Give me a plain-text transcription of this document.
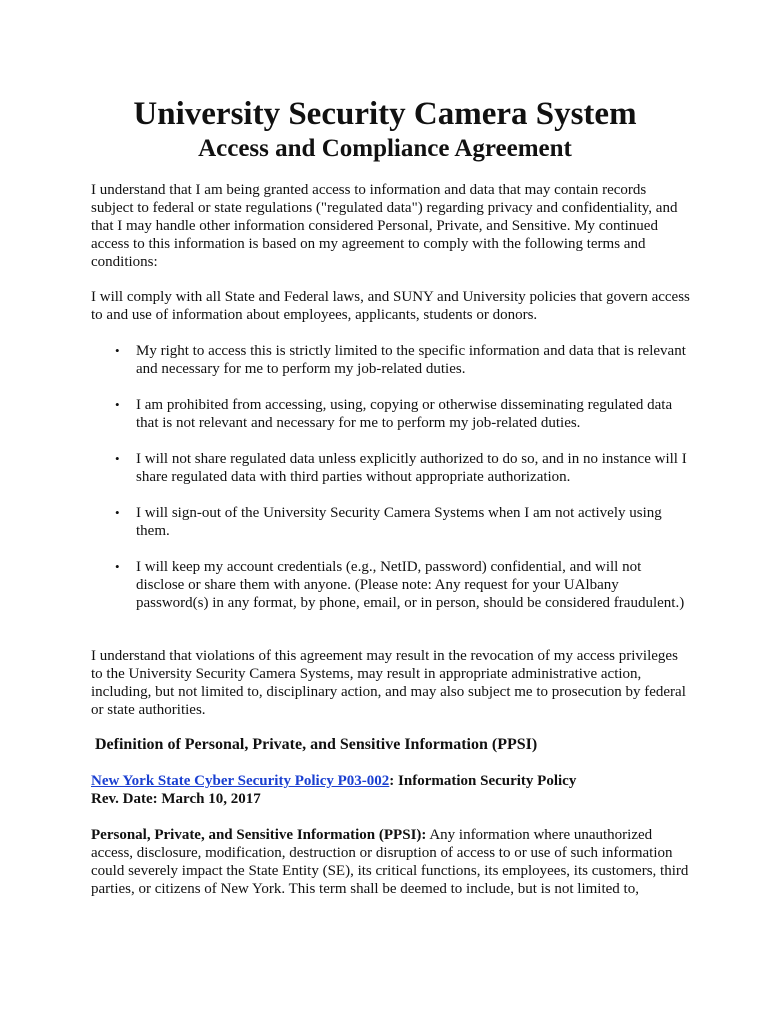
University Security Camera System
Access and Compliance Agreement

I understand that I am being granted access to information and data that may contain records subject to federal or state regulations ("regulated data") regarding privacy and confidentiality, and that I may handle other information considered Personal, Private, and Sensitive. My continued access to this information is based on my agreement to comply with the following terms and conditions:

I will comply with all State and Federal laws, and SUNY and University policies that govern access to and use of information about employees, applicants, students or donors.

• My right to access this is strictly limited to the specific information and data that is relevant and necessary for me to perform my job-related duties.
• I am prohibited from accessing, using, copying or otherwise disseminating regulated data that is not relevant and necessary for me to perform my job-related duties.
• I will not share regulated data unless explicitly authorized to do so, and in no instance will I share regulated data with third parties without appropriate authorization.
• I will sign-out of the University Security Camera Systems when I am not actively using them.
• I will keep my account credentials (e.g., NetID, password) confidential, and will not disclose or share them with anyone. (Please note: Any request for your UAlbany password(s) in any format, by phone, email, or in person, should be considered fraudulent.)

I understand that violations of this agreement may result in the revocation of my access privileges to the University Security Camera Systems, may result in appropriate administrative action, including, but not limited to, disciplinary action, and may also subject me to prosecution by federal or state authorities.

Definition of Personal, Private, and Sensitive Information (PPSI)
New York State Cyber Security Policy P03-002: Information Security Policy
Rev. Date: March 10, 2017

Personal, Private, and Sensitive Information (PPSI): Any information where unauthorized access, disclosure, modification, destruction or disruption of access to or use of such information could severely impact the State Entity (SE), its critical functions, its employees, its customers, third parties, or citizens of New York. This term shall be deemed to include, but is not limited to,
